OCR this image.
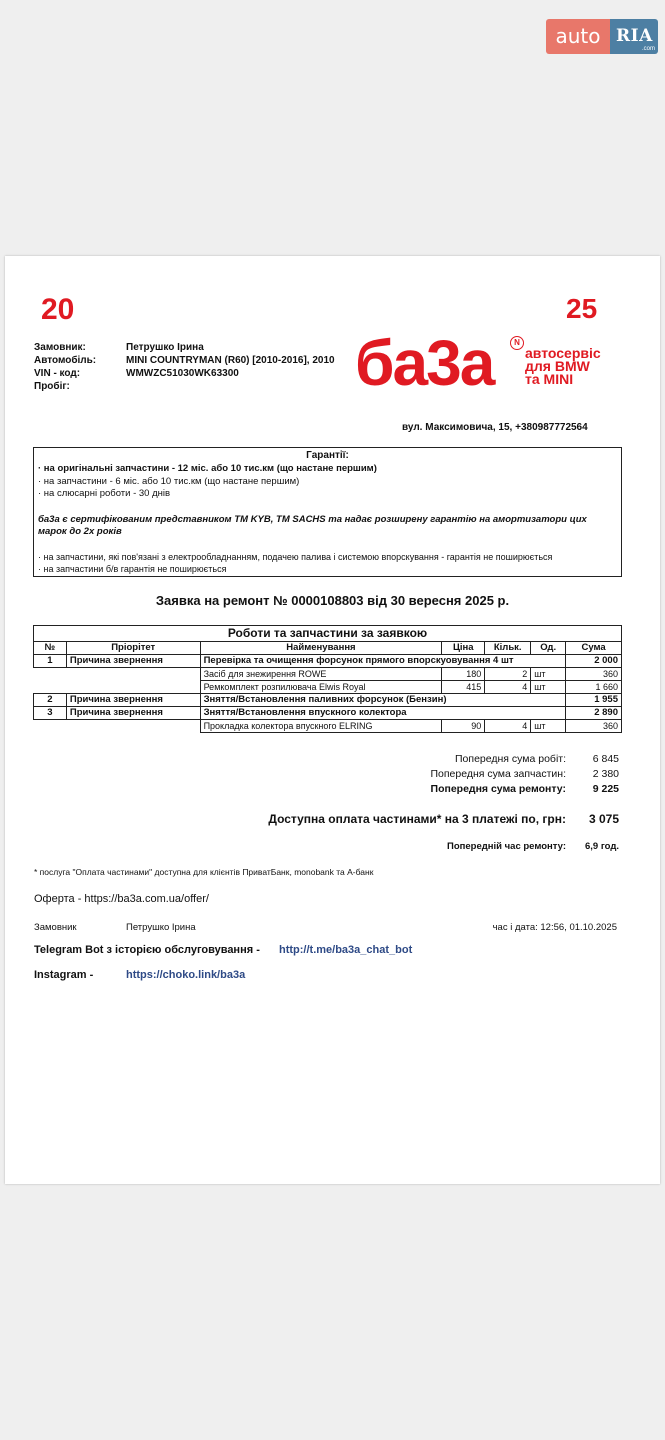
auto RIA
.com
20	25
Замовник:	Петрушко Ірина
Автомобіль:	MINI COUNTRYMAN (R60) [2010-2016], 2010
VIN - код:	WMWZC51030WK63300
Пробіг:	ба3а	N
автосервіс
для BMW
та MINI
вул. Максимовича, 15, +380987772564
Гарантії:
· на оригінальні запчастини - 12 міс. або 10 тис.км (що настане першим)
· на запчастини - 6 міс. або 10 тис.км (що настане першим)
· на слюсарні роботи - 30 днів
ба3а є сертифікованим представником ТМ KYB, TM SACHS та надає розширену гарантію на амортизатори цих
марок до 2х років
· на запчастини, які пов'язані з електрообладнанням, подачею палива і системою впорскування - гарантія не поширюється
· на запчастини б/в гарантія не поширюється
Заявка на ремонт № 0000108803 від 30 вересня 2025 р.
Роботи та запчастини за заявкою						
№	Пріорітет	Найменування	Ціна	Кільк.	Од.	Сума
1	Причина звернення	Перевірка та очищення форсунок прямого впорскуовування 4 шт				2 000
		Засіб для знежирення ROWE	180	2	шт	360
		Ремкомплект розпилювача Elwis Royal	415	4	шт	1 660
2	Причина звернення	Зняття/Встановлення паливних форсунок (Бензин)				1 955
3	Причина звернення	Зняття/Встановлення впускного колектора				2 890
		Прокладка колектора впускного ELRING	90	4	шт	360
Попередня сума робіт:	6 845
Попередня сума запчастин:	2 380
Попередня сума ремонту:	9 225
Доступна оплата частинами* на 3 платежі по, грн: 3 075
Попередній час ремонту: 6,9 год.
* послуга "Оплата частинами" доступна для клієнтів ПриватБанк, monobank та А-банк
Оферта - https://ba3a.com.ua/offer/
Замовник	Петрушко Ірина	час і дата: 12:56, 01.10.2025
Telegram Bot з історією обслуговування - http://t.me/ba3a_chat_bot
Instagram -	https://choko.link/ba3a
